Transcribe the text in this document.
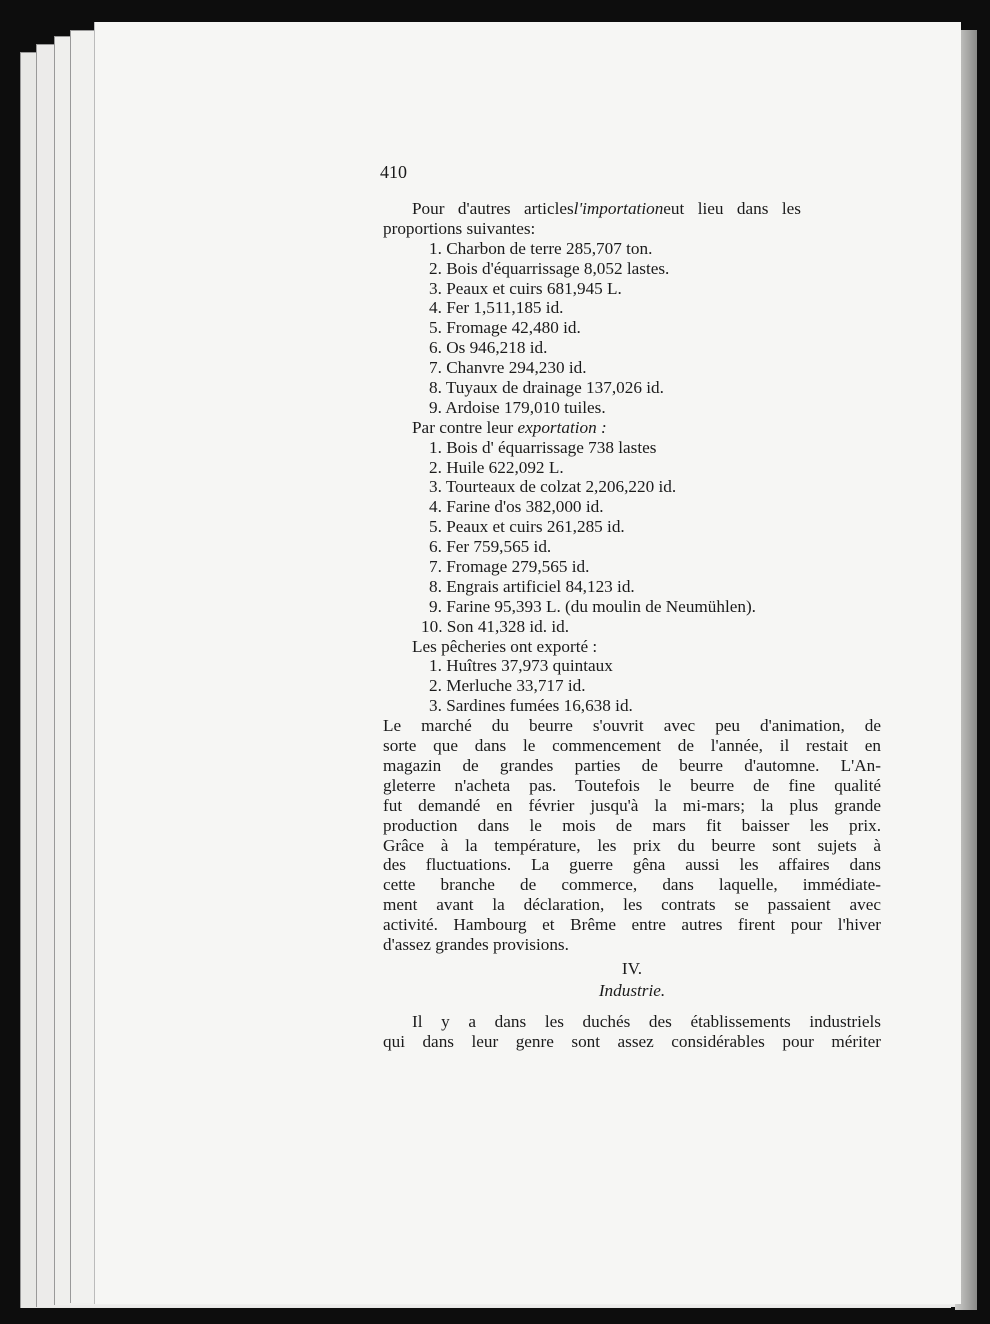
410
Pour d'autres articlesl'importationeut lieu dans les
proportions suivantes:
1. Charbon de terre 285,707 ton.
2. Bois d'équarrissage 8,052 lastes.
3. Peaux et cuirs 681,945 L.
4. Fer 1,511,185 id.
5. Fromage 42,480 id.
6. Os 946,218 id.
7. Chanvre 294,230 id.
8. Tuyaux de drainage 137,026 id.
9. Ardoise 179,010 tuiles.
Par contre leur exportation :
1. Bois d' équarrissage 738 lastes
2. Huile 622,092 L.
3. Tourteaux de colzat 2,206,220 id.
4. Farine d'os 382,000 id.
5. Peaux et cuirs 261,285 id.
6. Fer 759,565 id.
7. Fromage 279,565 id.
8. Engrais artificiel 84,123 id.
9. Farine 95,393 L. (du moulin de Neumühlen).
10. Son 41,328 id. id.
Les pêcheries ont exporté :
1. Huîtres 37,973 quintaux
2. Merluche 33,717 id.
3. Sardines fumées 16,638 id.
Le marché du beurre s'ouvrit avec peu d'animation, de
sorte que dans le commencement de l'année, il restait en
magazin de grandes parties de beurre d'automne. L'An-
gleterre n'acheta pas. Toutefois le beurre de fine qualité
fut demandé en février jusqu'à la mi-mars; la plus grande
production dans le mois de mars fit baisser les prix.
Grâce à la température, les prix du beurre sont sujets à
des fluctuations. La guerre gêna aussi les affaires dans
cette branche de commerce, dans laquelle, immédiate-
ment avant la déclaration, les contrats se passaient avec
activité. Hambourg et Brême entre autres firent pour l'hiver
d'assez grandes provisions.
IV.
Industrie.
Il y a dans les duchés des établissements industriels
qui dans leur genre sont assez considérables pour mériter
